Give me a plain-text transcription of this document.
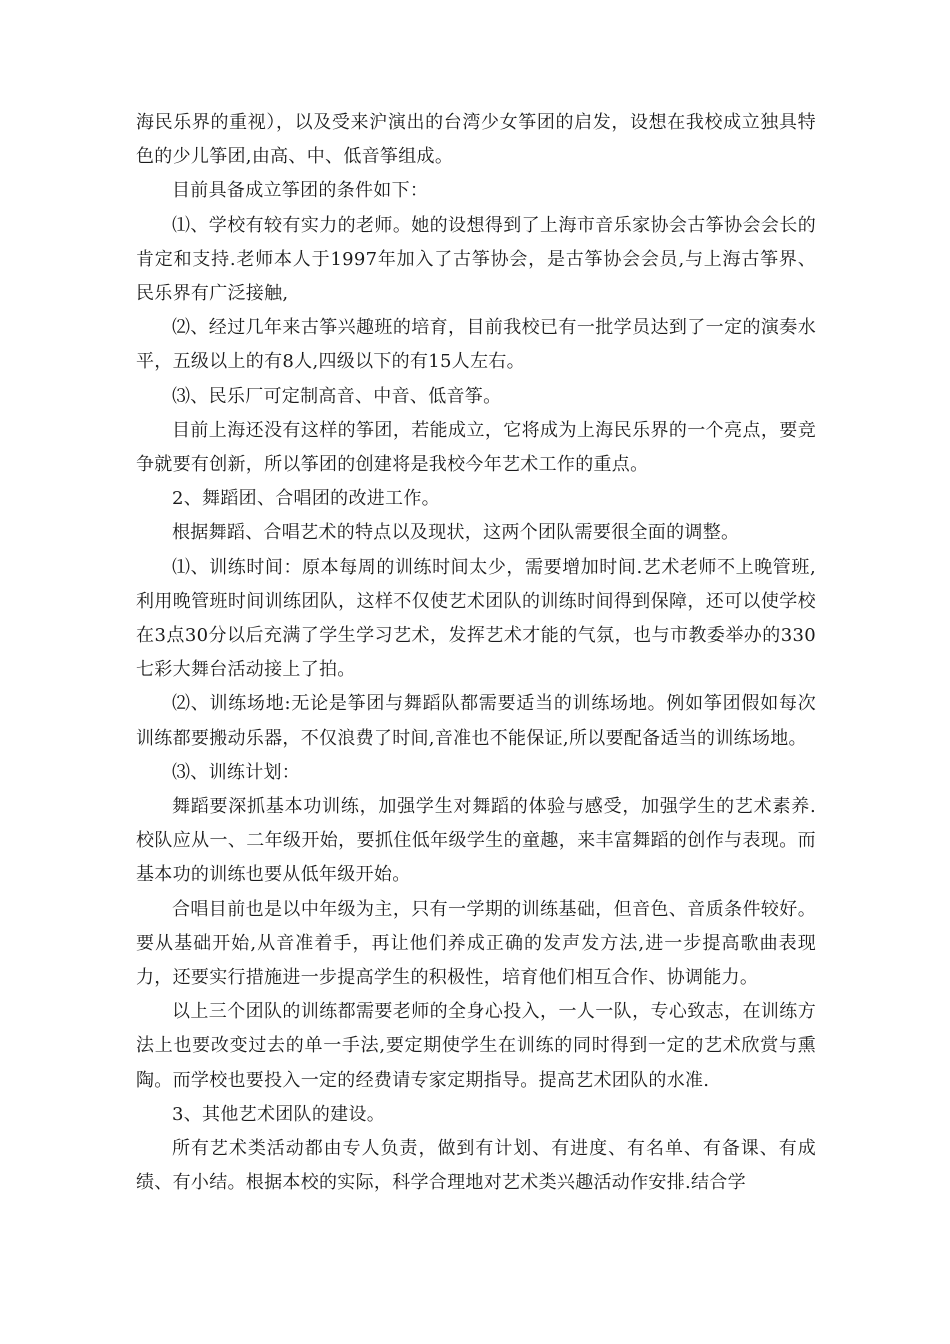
海民乐界的重视），以及受来沪演出的台湾少女筝团的启发，设想在我校成立独具特色的少儿筝团,由高、中、低音筝组成。

目前具备成立筝团的条件如下：

⑴、学校有较有实力的老师。她的设想得到了上海市音乐家协会古筝协会会长的肯定和支持.老师本人于1997年加入了古筝协会，是古筝协会会员,与上海古筝界、民乐界有广泛接触,

⑵、经过几年来古筝兴趣班的培育，目前我校已有一批学员达到了一定的演奏水平，五级以上的有8人,四级以下的有15人左右。

⑶、民乐厂可定制高音、中音、低音筝。

目前上海还没有这样的筝团，若能成立，它将成为上海民乐界的一个亮点，要竞争就要有创新，所以筝团的创建将是我校今年艺术工作的重点。

2、舞蹈团、合唱团的改进工作。

根据舞蹈、合唱艺术的特点以及现状，这两个团队需要很全面的调整。

⑴、训练时间：原本每周的训练时间太少，需要增加时间.艺术老师不上晚管班,利用晚管班时间训练团队，这样不仅使艺术团队的训练时间得到保障，还可以使学校在3点30分以后充满了学生学习艺术，发挥艺术才能的气氛，也与市教委举办的330七彩大舞台活动接上了拍。

⑵、训练场地:无论是筝团与舞蹈队都需要适当的训练场地。例如筝团假如每次训练都要搬动乐器，不仅浪费了时间,音准也不能保证,所以要配备适当的训练场地。

⑶、训练计划：

舞蹈要深抓基本功训练，加强学生对舞蹈的体验与感受，加强学生的艺术素养.校队应从一、二年级开始，要抓住低年级学生的童趣，来丰富舞蹈的创作与表现。而基本功的训练也要从低年级开始。

合唱目前也是以中年级为主，只有一学期的训练基础，但音色、音质条件较好。要从基础开始,从音准着手，再让他们养成正确的发声发方法,进一步提高歌曲表现力，还要实行措施进一步提高学生的积极性，培育他们相互合作、协调能力。

以上三个团队的训练都需要老师的全身心投入，一人一队，专心致志，在训练方法上也要改变过去的单一手法,要定期使学生在训练的同时得到一定的艺术欣赏与熏陶。而学校也要投入一定的经费请专家定期指导。提高艺术团队的水准.

3、其他艺术团队的建设。

所有艺术类活动都由专人负责，做到有计划、有进度、有名单、有备课、有成绩、有小结。根据本校的实际，科学合理地对艺术类兴趣活动作安排.结合学
